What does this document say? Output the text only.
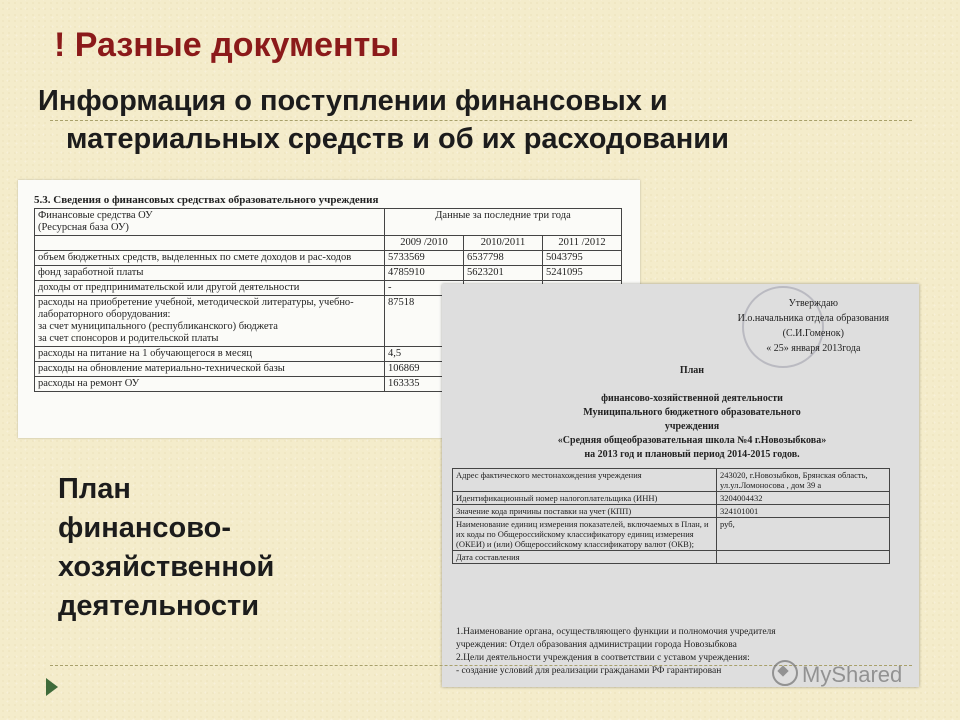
! Разные документы
Информация о поступлении финансовых и
материальных средств и об их расходовании
5.3. Сведения о финансовых средствах образовательного учреждения
Финансовые средства ОУ
(Ресурсная база ОУ)	Данные за последние три года		
	2009 /2010	2010/2011	2011 /2012
объем бюджетных средств, выделенных по смете доходов и рас-ходов	5733569	6537798	5043795
фонд заработной платы	4785910	5623201	5241095
доходы от предпринимательской или другой деятельности	-		
расходы на приобретение учебной, методической литературы, учебно-лабораторного оборудования:
за счет муниципального (республиканского) бюджета
за счет спонсоров и родительской платы	87518		
расходы на питание на 1 обучающегося в месяц	4,5		
расходы на обновление материально-технической базы	106869		
расходы на ремонт ОУ	163335		
Утверждаю
И.о.начальника отдела образования
(С.И.Гоменок)
« 25» января 2013года
План
финансово-хозяйственной деятельности
Муниципального бюджетного образовательного
учреждения
«Средняя общеобразовательная школа №4 г.Новозыбкова»
на 2013 год и плановый период 2014-2015 годов.
Адрес фактического местонахождения учреждения	243020, г.Новозыбков, Брянская область, ул.ул.Ломоносова , дом 39 а
Идентификационный номер налогоплательщика (ИНН)	3204004432
Значение кода причины поставки на учет (КПП)	324101001
Наименование единиц измерения показателей, включаемых в План, и их коды по Общероссийскому классификатору единиц измерения (ОКЕИ) и (или) Общероссийскому классификатору валют (ОКВ);	руб,
Дата составления	
1.Наименование органа, осуществляющего функции и полномочия учредителя
учреждения: Отдел образования администрации города Новозыбкова
2.Цели деятельности учреждения в соответствии с уставом учреждения:
- создание условий для реализации гражданами РФ гарантирован
План
финансово-
хозяйственной
деятельности
MyShared
